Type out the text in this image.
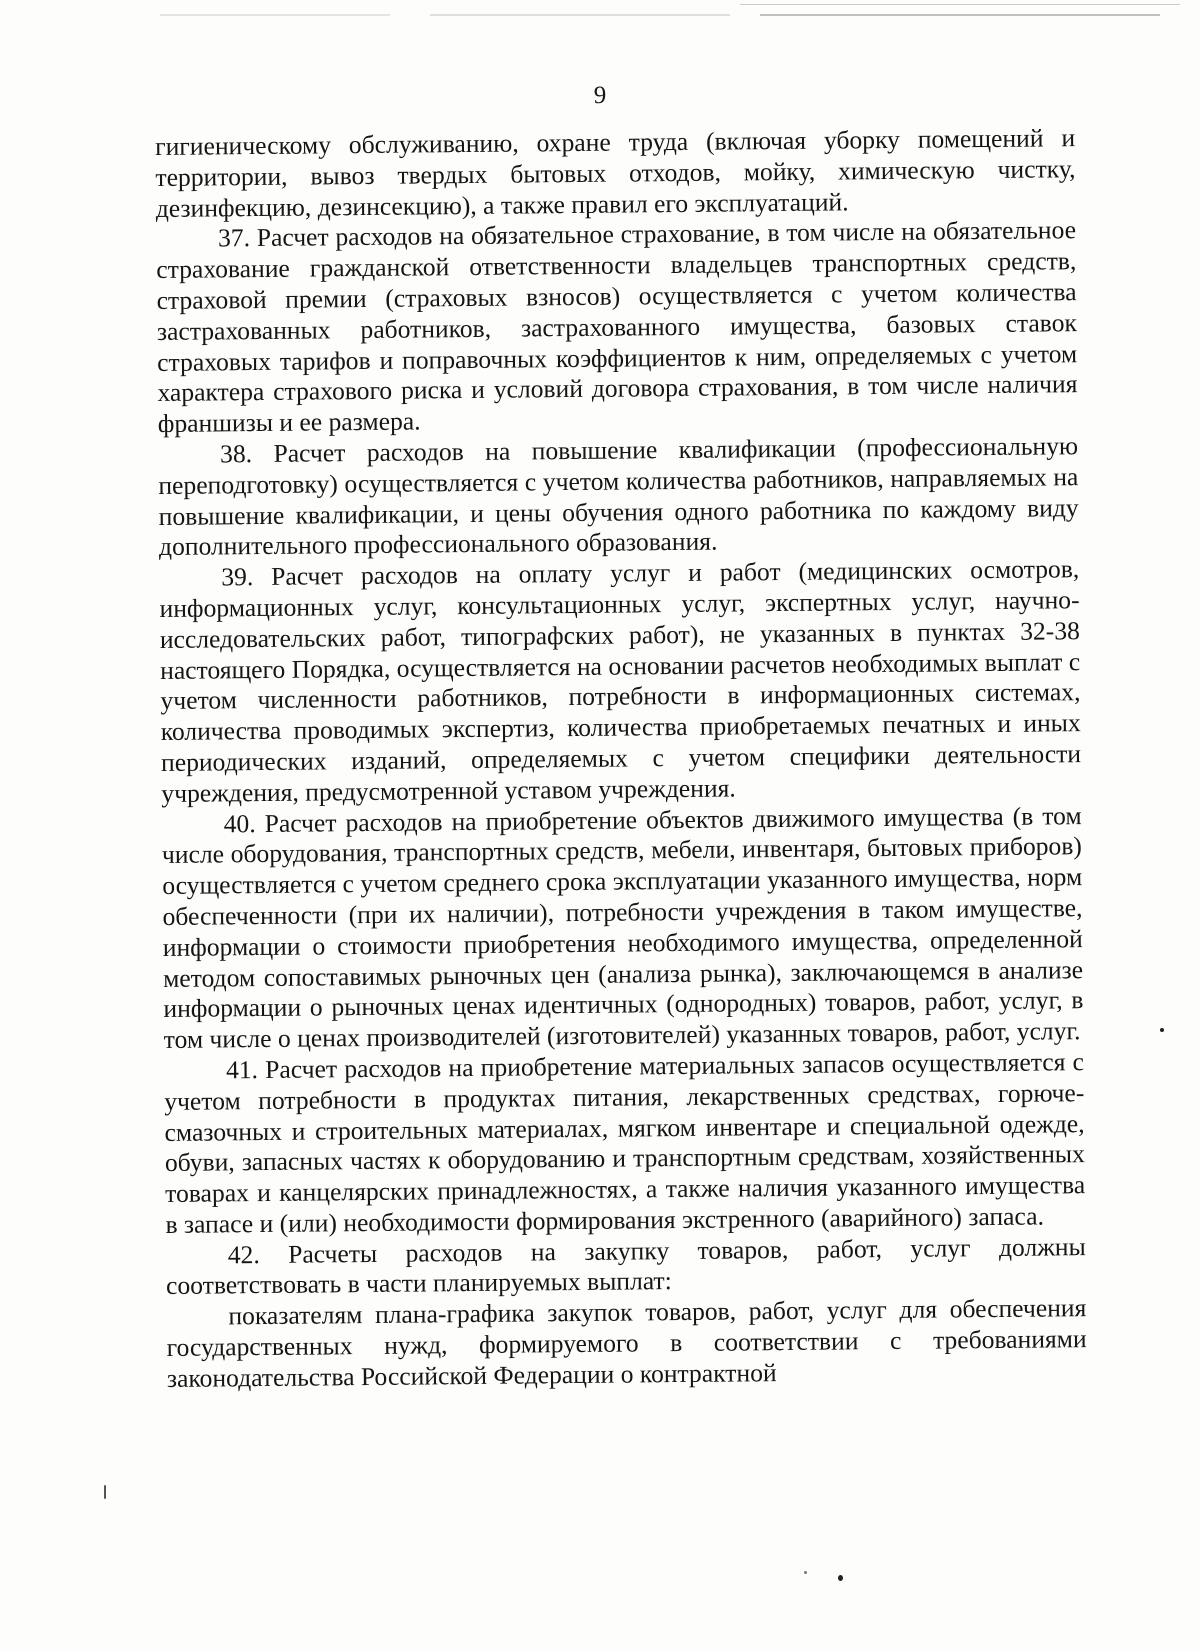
9

гигиеническому обслуживанию, охране труда (включая уборку помещений и территории, вывоз твердых бытовых отходов, мойку, химическую чистку, дезинфекцию, дезинсекцию), а также правил его эксплуатаций.

37. Расчет расходов на обязательное страхование, в том числе на обязательное страхование гражданской ответственности владельцев транспортных средств, страховой премии (страховых взносов) осуществляется с учетом количества застрахованных работников, застрахованного имущества, базовых ставок страховых тарифов и поправочных коэффициентов к ним, определяемых с учетом характера страхового риска и условий договора страхования, в том числе наличия франшизы и ее размера.

38. Расчет расходов на повышение квалификации (профессиональную переподготовку) осуществляется с учетом количества работников, направляемых на повышение квалификации, и цены обучения одного работника по каждому виду дополнительного профессионального образования.

39. Расчет расходов на оплату услуг и работ (медицинских осмотров, информационных услуг, консультационных услуг, экспертных услуг, научно-исследовательских работ, типографских работ), не указанных в пунктах 32-38 настоящего Порядка, осуществляется на основании расчетов необходимых выплат с учетом численности работников, потребности в информационных системах, количества проводимых экспертиз, количества приобретаемых печатных и иных периодических изданий, определяемых с учетом специфики деятельности учреждения, предусмотренной уставом учреждения.

40. Расчет расходов на приобретение объектов движимого имущества (в том числе оборудования, транспортных средств, мебели, инвентаря, бытовых приборов) осуществляется с учетом среднего срока эксплуатации указанного имущества, норм обеспеченности (при их наличии), потребности учреждения в таком имуществе, информации о стоимости приобретения необходимого имущества, определенной методом сопоставимых рыночных цен (анализа рынка), заключающемся в анализе информации о рыночных ценах идентичных (однородных) товаров, работ, услуг, в том числе о ценах производителей (изготовителей) указанных товаров, работ, услуг.

41. Расчет расходов на приобретение материальных запасов осуществляется с учетом потребности в продуктах питания, лекарственных средствах, горюче-смазочных и строительных материалах, мягком инвентаре и специальной одежде, обуви, запасных частях к оборудованию и транспортным средствам, хозяйственных товарах и канцелярских принадлежностях, а также наличия указанного имущества в запасе и (или) необходимости формирования экстренного (аварийного) запаса.

42. Расчеты расходов на закупку товаров, работ, услуг должны соответствовать в части планируемых выплат:

показателям плана-графика закупок товаров, работ, услуг для обеспечения государственных нужд, формируемого в соответствии с требованиями законодательства Российской Федерации о контрактной
